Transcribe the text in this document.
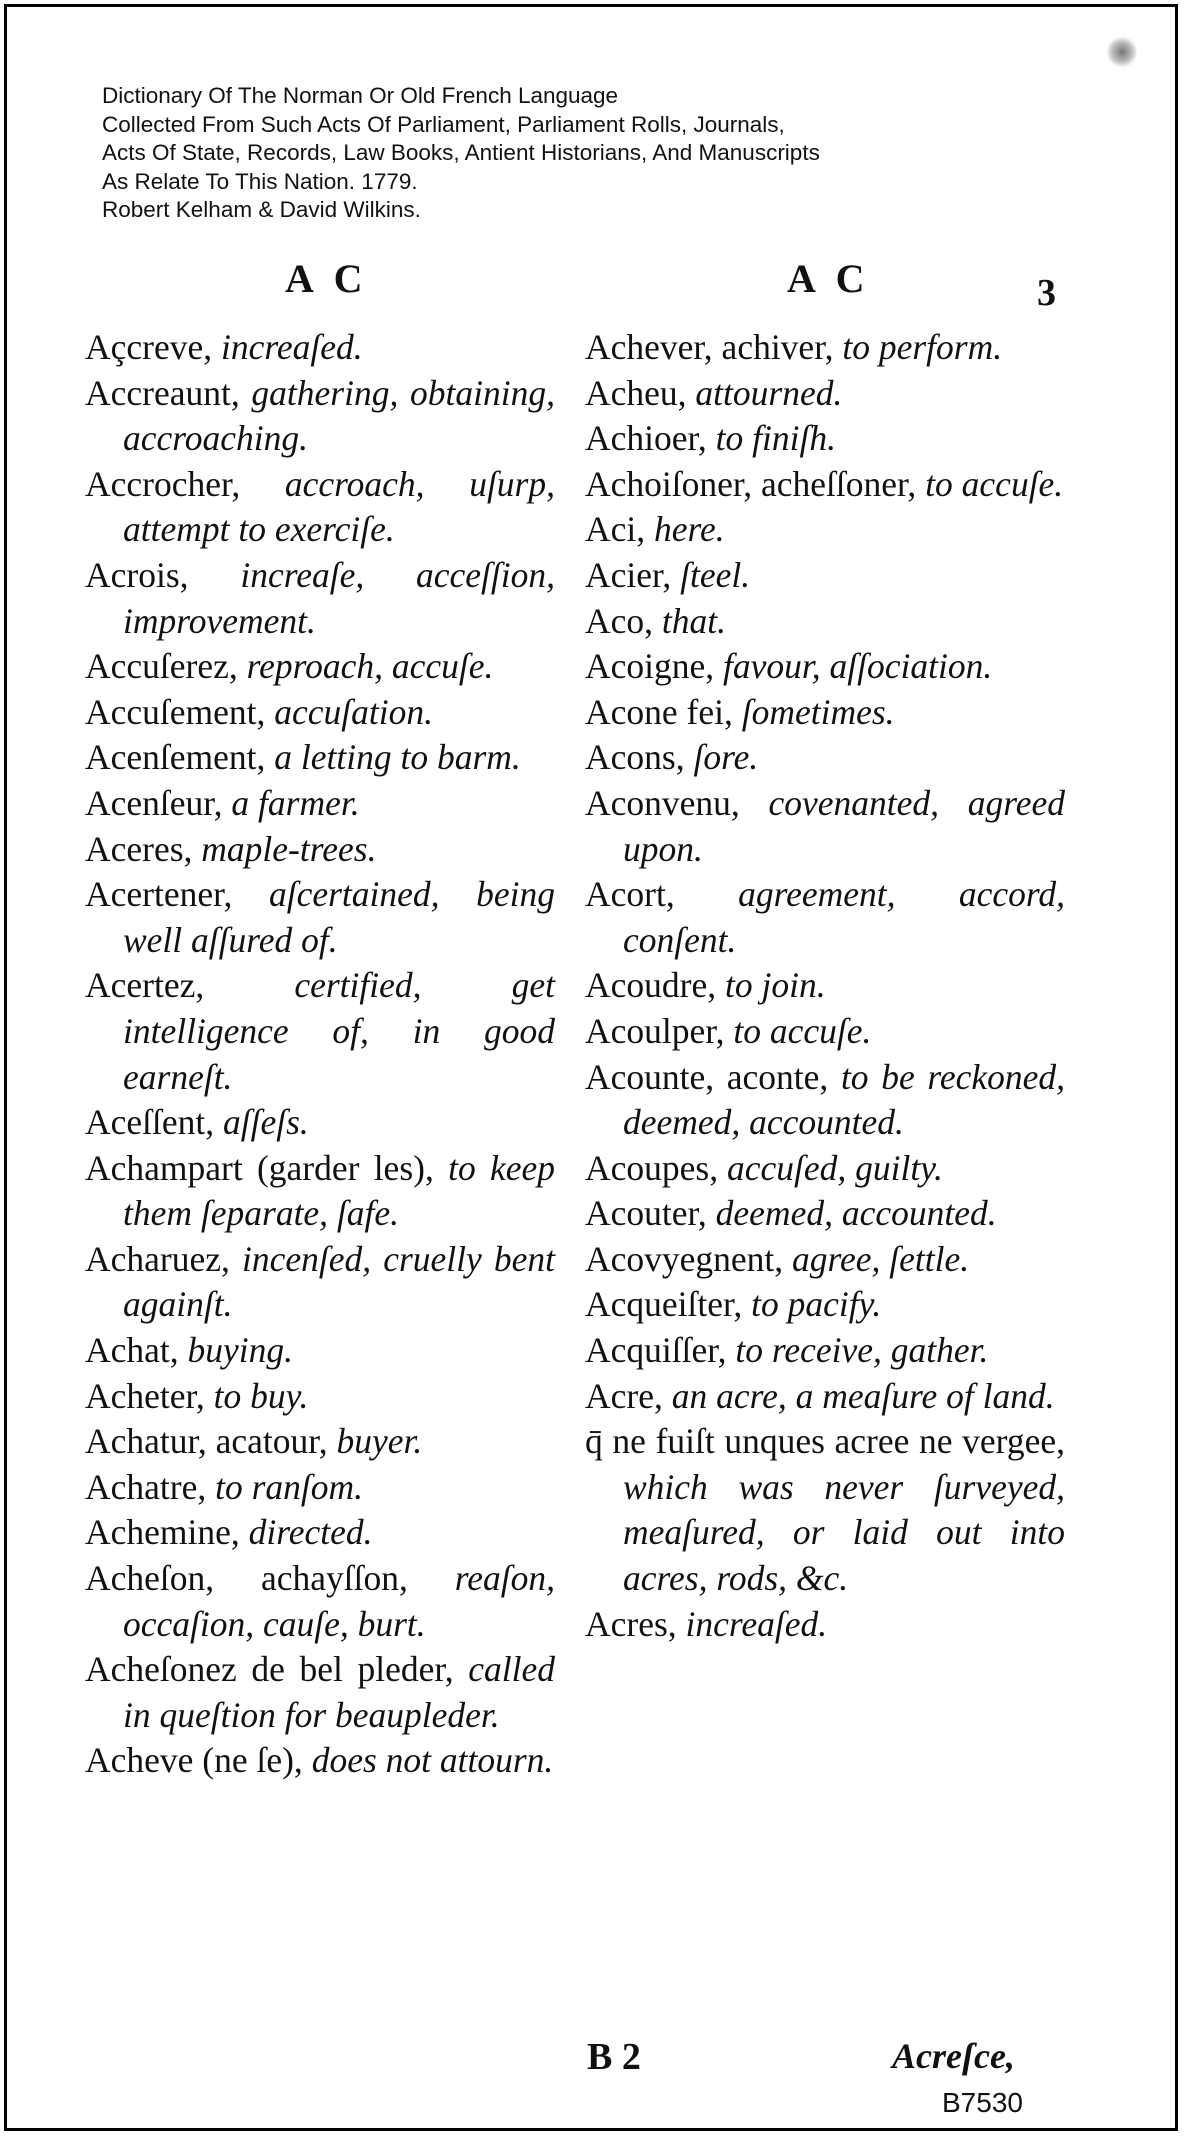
Dictionary Of The Norman Or Old French Language
Collected From Such Acts Of Parliament, Parliament Rolls, Journals,
Acts Of State, Records, Law Books, Antient Historians, And Manuscripts
As Relate To This Nation. 1779.
Robert Kelham & David Wilkins.
A C	A C	3

Açcreve, increaſed.

Accreaunt, gathering, obtaining, accroaching.

Accrocher, accroach, uſurp, attempt to exerciſe.

Acrois, increaſe, acceſſion, improvement.

Accuſerez, reproach, accuſe.

Accuſement, accuſation.

Acenſement, a letting to barm.

Acenſeur, a farmer.

Aceres, maple-trees.

Acertener, aſcertained, being well aſſured of.

Acertez,	certified, get intelligence of, in good earneſt.

Aceſſent, aſſeſs.

Achampart (garder les), to keep them ſeparate, ſafe.

Acharuez, incenſed, cruelly bent againſt.

Achat, buying.

Acheter, to buy.

Achatur, acatour, buyer.

Achatre, to ranſom.

Achemine, directed.

Acheſon, achayſſon, reaſon, occaſion, cauſe, burt.

Acheſonez de bel pleder, called in queſtion for beaupleder.

Acheve (ne ſe), does not attourn.

Achever, achiver, to perform.

Acheu, attourned.

Achioer, to finiſh.

Achoiſoner, acheſſoner, to accuſe.

Aci, here.

Acier, ſteel.

Aco, that.

Acoigne, favour, aſſociation.

Acone fei, ſometimes.

Acons, ſore.

Aconvenu, covenanted, agreed upon.

Acort, agreement, accord, conſent.

Acoudre, to join.

Acoulper, to accuſe.

Acounte, aconte, to be reckoned, deemed, accounted.

Acoupes, accuſed, guilty.

Acouter, deemed, accounted.

Acovyegnent, agree, ſettle.

Acqueiſter, to pacify.

Acquiſſer, to receive, gather.

Acre, an acre, a meaſure of land.

q̄ ne fuiſt unques acree ne vergee, which was never ſurveyed, meaſured, or laid out into acres, rods, &c.

Acres, increaſed.

B 2	Acreſce,
B7530
